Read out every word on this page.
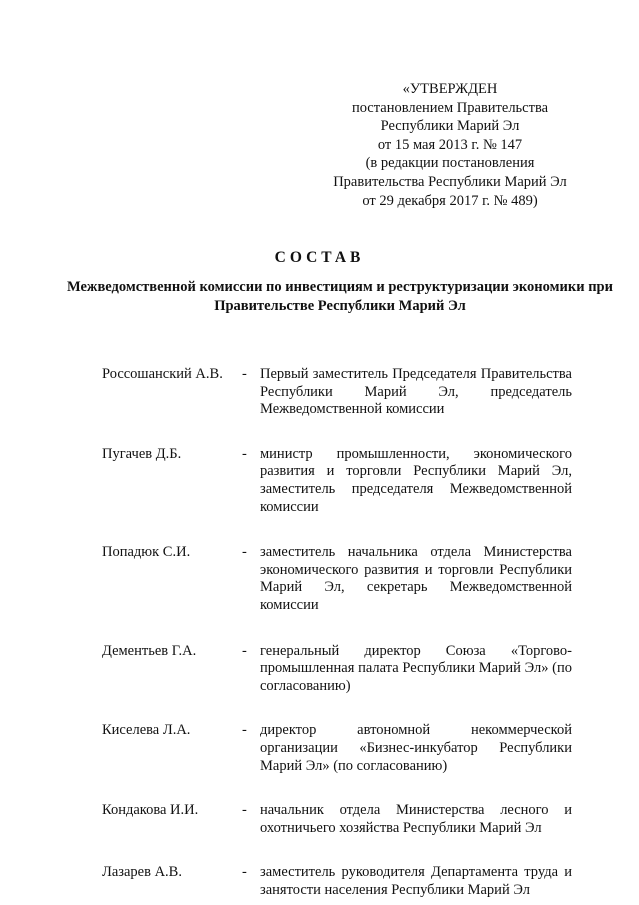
«УТВЕРЖДЕН
постановлением Правительства
Республики Марий Эл
от 15 мая 2013 г. № 147
(в редакции постановления
Правительства Республики Марий Эл
от 29 декабря 2017 г. № 489)
СОСТАВ
Межведомственной комиссии по инвестициям и реструктуризации экономики при Правительстве Республики Марий Эл
Россошанский А.В. - Первый заместитель Председателя Правительства Республики Марий Эл, председатель Межведомственной комиссии
Пугачев Д.Б.	- министр промышленности, экономического развития и торговли Республики Марий Эл, заместитель председателя Межведомственной комиссии
Попадюк С.И.	- заместитель начальника отдела Министерства экономического развития и торговли Республики Марий Эл, секретарь Межведомственной комиссии
Дементьев Г.А.	- генеральный директор Союза «Торгово-промышленная палата Республики Марий Эл» (по согласованию)
Киселева Л.А.	- директор автономной некоммерческой организации «Бизнес-инкубатор Республики Марий Эл» (по согласованию)
Кондакова И.И.	- начальник отдела Министерства лесного и охотничьего хозяйства Республики Марий Эл
Лазарев А.В.	- заместитель руководителя Департамента труда и занятости населения Республики Марий Эл
